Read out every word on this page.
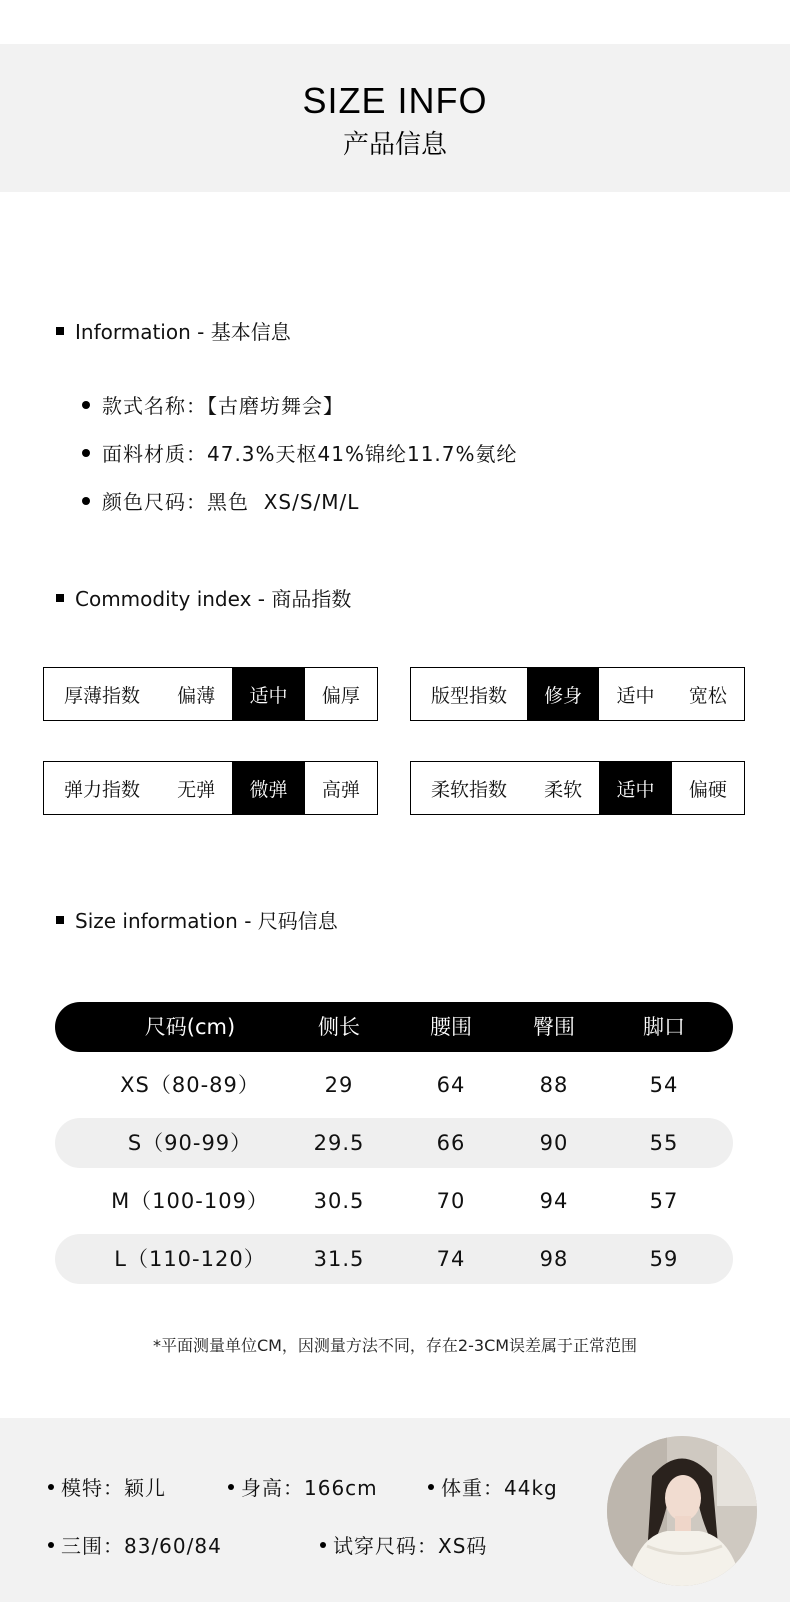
SIZE INFO
产品信息
Information - 基本信息
款式名称：【古磨坊舞会】
面料材质：47.3%天枢41%锦纶11.7%氨纶
颜色尺码：黑色  XS/S/M/L
Commodity index - 商品指数
厚薄指数	偏薄	适中	偏厚	版型指数	修身	适中	宽松
弹力指数	无弹	微弹	高弹	柔软指数	柔软	适中	偏硬
Size information - 尺码信息
尺码(cm)	侧长	腰围	臀围	脚口
XS（80-89）	29	64	88	54
S（90-99）	29.5	66	90	55
M（100-109）	30.5	70	94	57
L（110-120）	31.5	74	98	59
*平面测量单位CM，因测量方法不同，存在2-3CM误差属于正常范围
模特：颖儿	身高：166cm	体重：44kg
三围：83/60/84	试穿尺码：XS码
